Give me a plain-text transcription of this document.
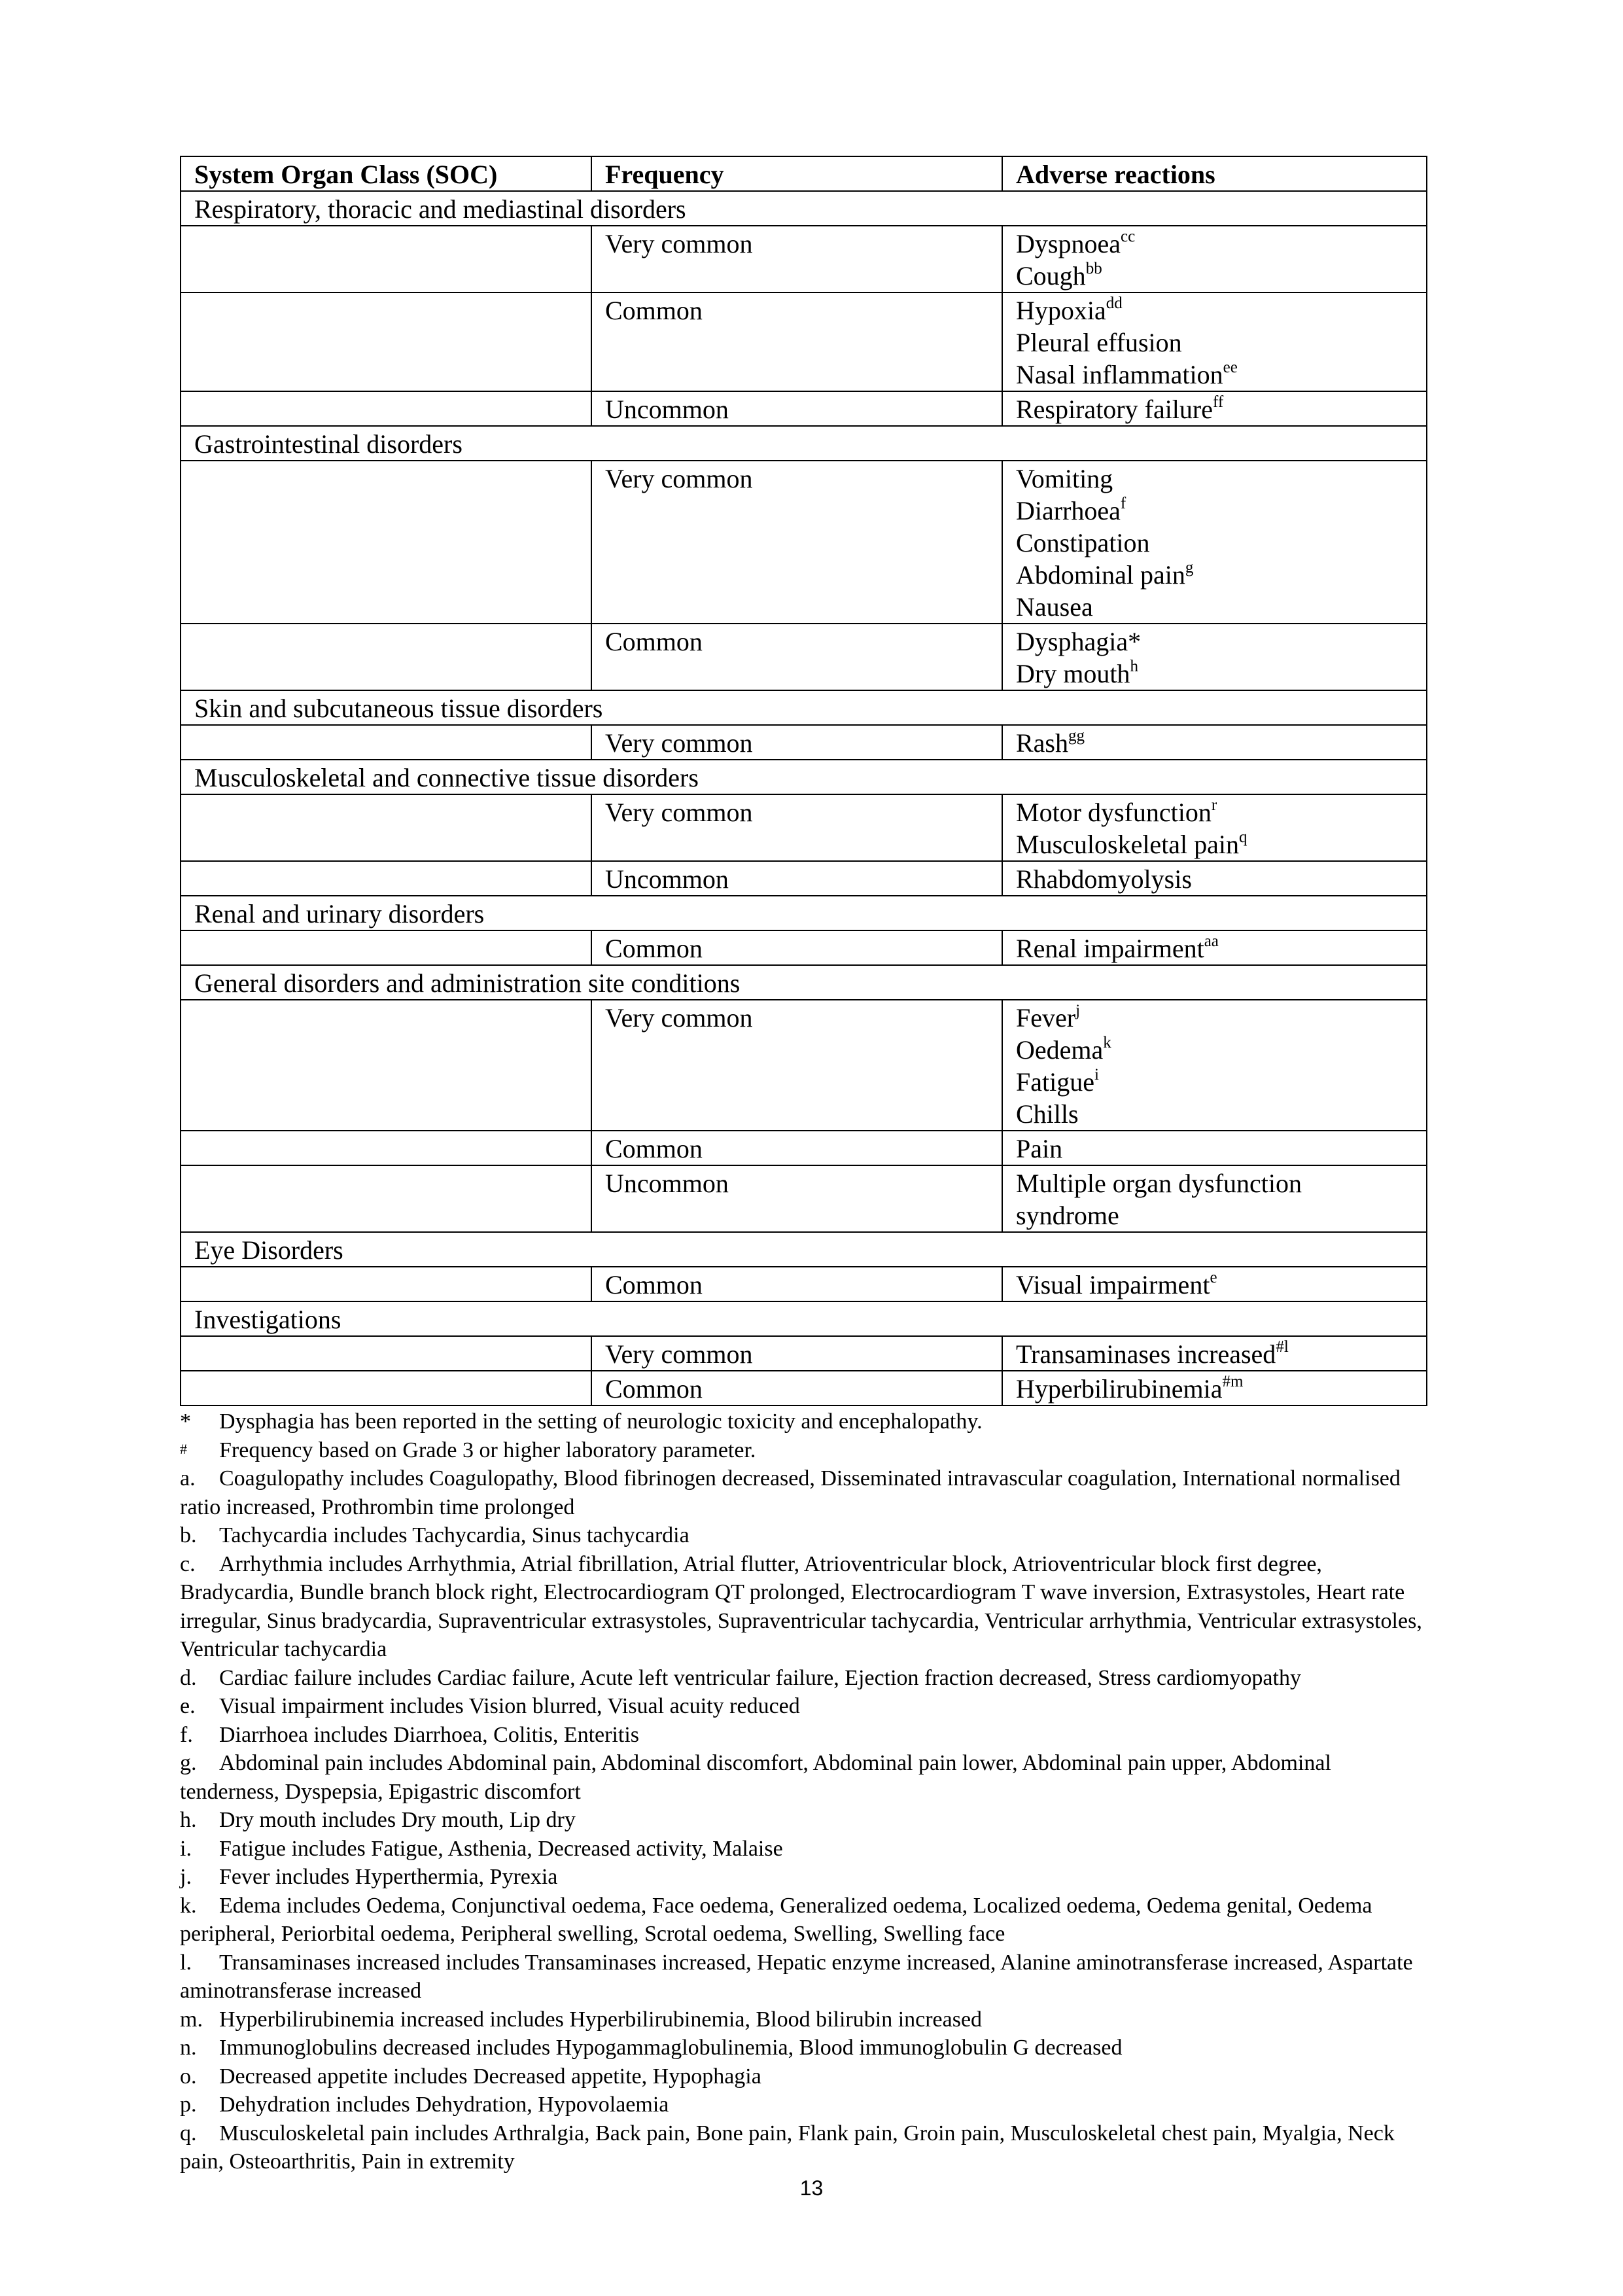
System Organ Class (SOC)	Frequency	Adverse reactions
Respiratory, thoracic and mediastinal disorders		
	Very common	Dyspnoea$^{cc}$
Cough$^{bb}$

	Common	Hypoxia$^{dd}$
Pleural effusion
Nasal inflammation$^{ee}$

	Uncommon	Respiratory failure$^{ff}$

Gastrointestinal disorders		
	Very common	Vomiting
Diarrhoea$^f$
Constipation
Abdominal pain$^g$
Nausea

	Common	Dysphagia*
Dry mouth$^h$

Skin and subcutaneous tissue disorders		
	Very common	Rash$^{gg}$

Musculoskeletal and connective tissue disorders		
	Very common	Motor dysfunction$^r$
Musculoskeletal pain$^q$

	Uncommon	Rhabdomyolysis

Renal and urinary disorders		
	Common	Renal impairment$^{aa}$

General disorders and administration site conditions		
	Very common	Fever$^j$
Oedema$^k$
Fatigue$^i$
Chills

	Common	Pain

	Uncommon	Multiple organ dysfunction
syndrome

Eye Disorders		
	Common	Visual impairment$^e$

Investigations		
	Very common	Transaminases increased$^{\#l}$

	Common	Hyperbilirubinemia$^{\#m}$

* Dysphagia has been reported in the setting of neurologic toxicity and encephalopathy.

# Frequency based on Grade 3 or higher laboratory parameter.

a. Coagulopathy includes Coagulopathy, Blood fibrinogen decreased, Disseminated intravascular coagulation, International normalised ratio increased, Prothrombin time prolonged

b. Tachycardia includes Tachycardia, Sinus tachycardia

c. Arrhythmia includes Arrhythmia, Atrial fibrillation, Atrial flutter, Atrioventricular block, Atrioventricular block first degree, Bradycardia, Bundle branch block right, Electrocardiogram QT prolonged, Electrocardiogram T wave inversion, Extrasystoles, Heart rate irregular, Sinus bradycardia, Supraventricular extrasystoles, Supraventricular tachycardia, Ventricular arrhythmia, Ventricular extrasystoles, Ventricular tachycardia

d. Cardiac failure includes Cardiac failure, Acute left ventricular failure, Ejection fraction decreased, Stress cardiomyopathy

e. Visual impairment includes Vision blurred, Visual acuity reduced

f. Diarrhoea includes Diarrhoea, Colitis, Enteritis

g. Abdominal pain includes Abdominal pain, Abdominal discomfort, Abdominal pain lower, Abdominal pain upper, Abdominal tenderness, Dyspepsia, Epigastric discomfort

h. Dry mouth includes Dry mouth, Lip dry

i. Fatigue includes Fatigue, Asthenia, Decreased activity, Malaise

j. Fever includes Hyperthermia, Pyrexia

k. Edema includes Oedema, Conjunctival oedema, Face oedema, Generalized oedema, Localized oedema, Oedema genital, Oedema peripheral, Periorbital oedema, Peripheral swelling, Scrotal oedema, Swelling, Swelling face

l. Transaminases increased includes Transaminases increased, Hepatic enzyme increased, Alanine aminotransferase increased, Aspartate aminotransferase increased

m. Hyperbilirubinemia increased includes Hyperbilirubinemia, Blood bilirubin increased

n. Immunoglobulins decreased includes Hypogammaglobulinemia, Blood immunoglobulin G decreased

o. Decreased appetite includes Decreased appetite, Hypophagia

p. Dehydration includes Dehydration, Hypovolaemia

q. Musculoskeletal pain includes Arthralgia, Back pain, Bone pain, Flank pain, Groin pain, Musculoskeletal chest pain, Myalgia, Neck pain, Osteoarthritis, Pain in extremity

13
